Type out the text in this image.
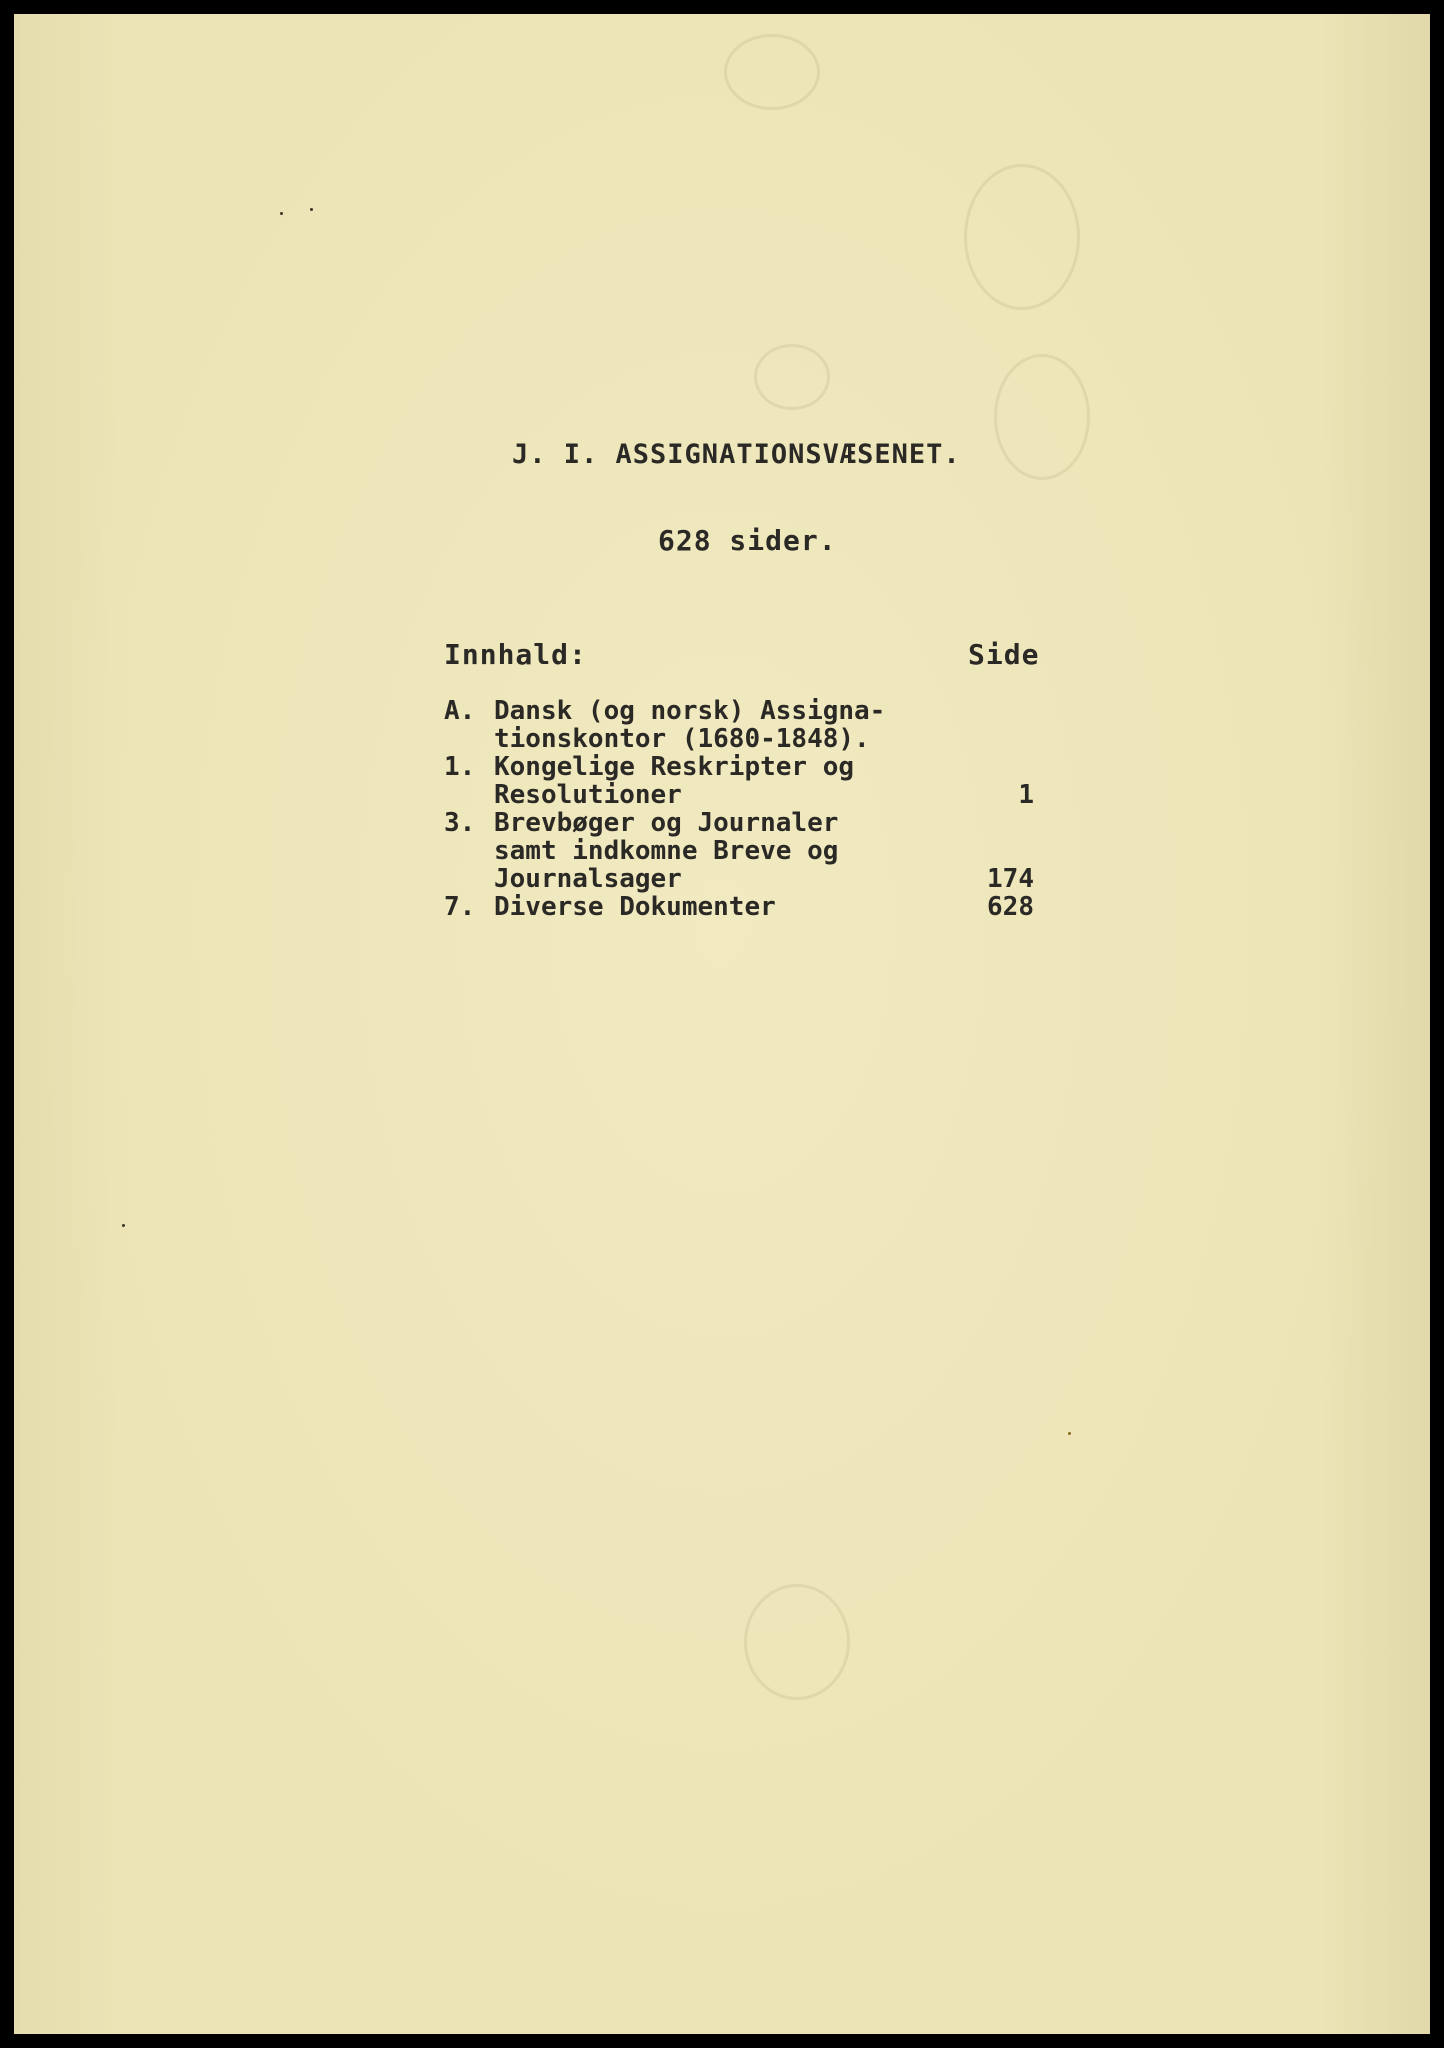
J. I. ASSIGNATIONSVÆSENET.
628 sider.
Innhald:	Side
A. Dansk (og norsk) Assigna-
tionskontor (1680-1848).
1. Kongelige Reskripter og
Resolutioner	1
3. Brevbøger og Journaler
samt indkomne Breve og
Journalsager	174
7. Diverse Dokumenter	628
